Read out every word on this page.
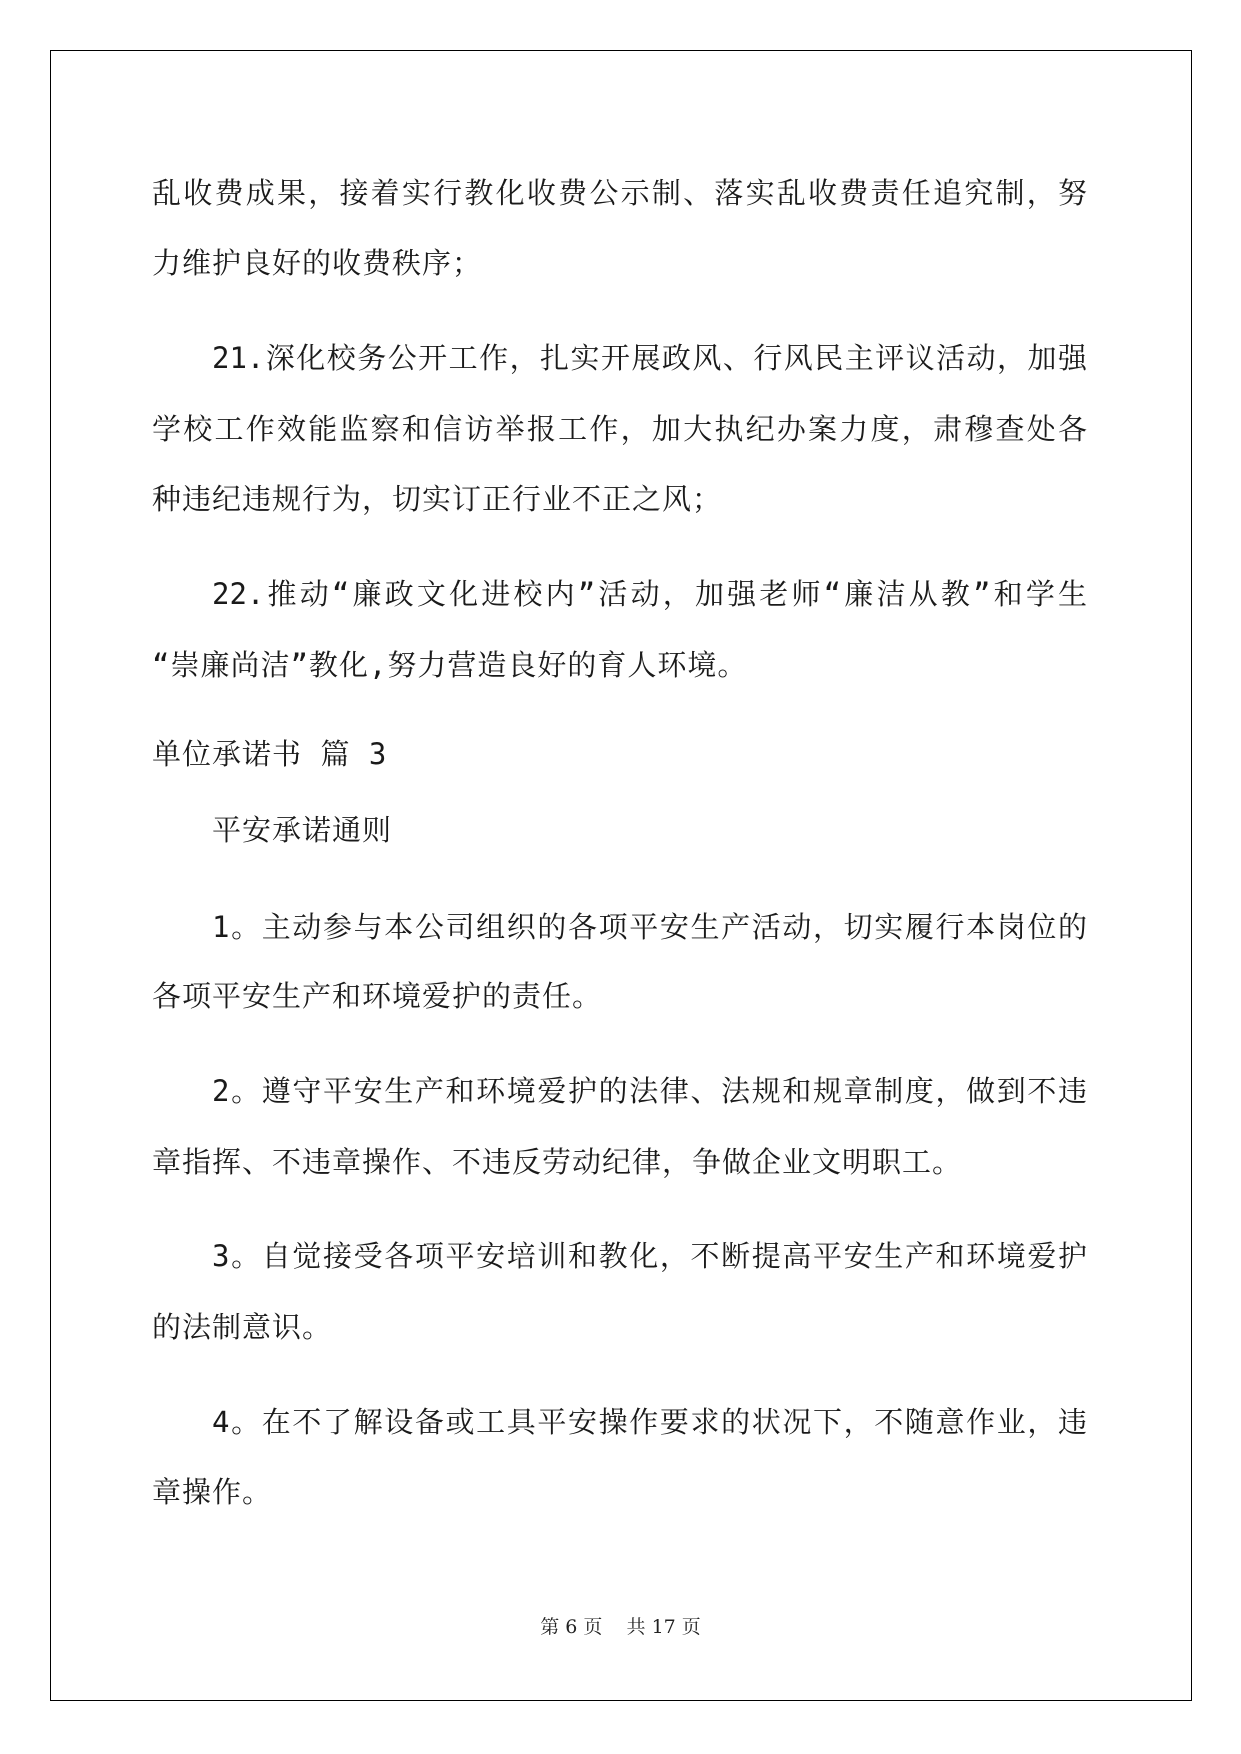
乱收费成果，接着实行教化收费公示制、落实乱收费责任追究制，努
力维护良好的收费秩序；
21.深化校务公开工作，扎实开展政风、行风民主评议活动，加强
学校工作效能监察和信访举报工作，加大执纪办案力度，肃穆查处各
种违纪违规行为，切实订正行业不正之风；
22.推动“廉政文化进校内”活动，加强老师“廉洁从教”和学生
“崇廉尚洁”教化,努力营造良好的育人环境。
单位承诺书 篇 3
平安承诺通则
1。主动参与本公司组织的各项平安生产活动，切实履行本岗位的
各项平安生产和环境爱护的责任。
2。遵守平安生产和环境爱护的法律、法规和规章制度，做到不违
章指挥、不违章操作、不违反劳动纪律，争做企业文明职工。
3。自觉接受各项平安培训和教化，不断提高平安生产和环境爱护
的法制意识。
4。在不了解设备或工具平安操作要求的状况下，不随意作业，违
章操作。
第 6 页    共 17 页
